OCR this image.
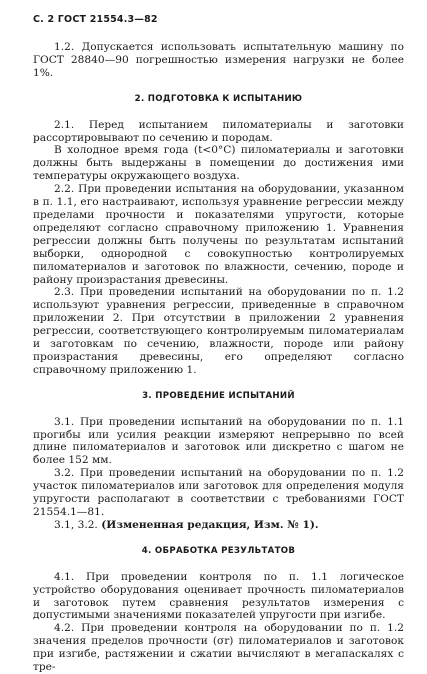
С. 2 ГОСТ 21554.3—82

1.2. Допускается использовать испытательную машину по ГОСТ 28840—90 погрешностью измерения нагрузки не более 1%.

2. ПОДГОТОВКА К ИСПЫТАНИЮ

2.1. Перед испытанием пиломатериалы и заготовки рассортировывают по сечению и породам.

В холодное время года (t<0°C) пиломатериалы и заготовки должны быть выдержаны в помещении до достижения ими температуры окружающего воздуха.

2.2. При проведении испытания на оборудовании, указанном в п. 1.1, его настраивают, используя уравнение регрессии между пределами прочности и показателями упругости, которые определяют согласно справочному приложению 1. Уравнения регрессии должны быть получены по результатам испытаний выборки, однородной с совокупностью контролируемых пиломатериалов и заготовок по влажности, сечению, породе и району произрастания древесины.

2.3. При проведении испытаний на оборудовании по п. 1.2 используют уравнения регрессии, приведенные в справочном приложении 2. При отсутствии в приложении 2 уравнения регрессии, соответствующего контролируемым пиломатериалам и заготовкам по сечению, влажности, породе или району произрастания древесины, его определяют согласно справочному приложению 1.

3. ПРОВЕДЕНИЕ ИСПЫТАНИЙ

3.1. При проведении испытаний на оборудовании по п. 1.1 прогибы или усилия реакции измеряют непрерывно по всей длине пиломатериалов и заготовок или дискретно с шагом не более 152 мм.

3.2. При проведении испытаний на оборудовании по п. 1.2 участок пиломатериалов или заготовок для определения модуля упругости располагают в соответствии с требованиями ГОСТ 21554.1—81.

3.1, 3.2. (Измененная редакция, Изм. № 1).

4. ОБРАБОТКА РЕЗУЛЬТАТОВ

4.1. При проведении контроля по п. 1.1 логическое устройство оборудования оценивает прочность пиломатериалов и заготовок путем сравнения результатов измерения с допустимыми значениями показателей упругости при изгибе.

4.2. При проведении контроля на оборудовании по п. 1.2 значения пределов прочности (σr) пиломатериалов и заготовок при изгибе, растяжении и сжатии вычисляют в мегапаскалях с тре-
